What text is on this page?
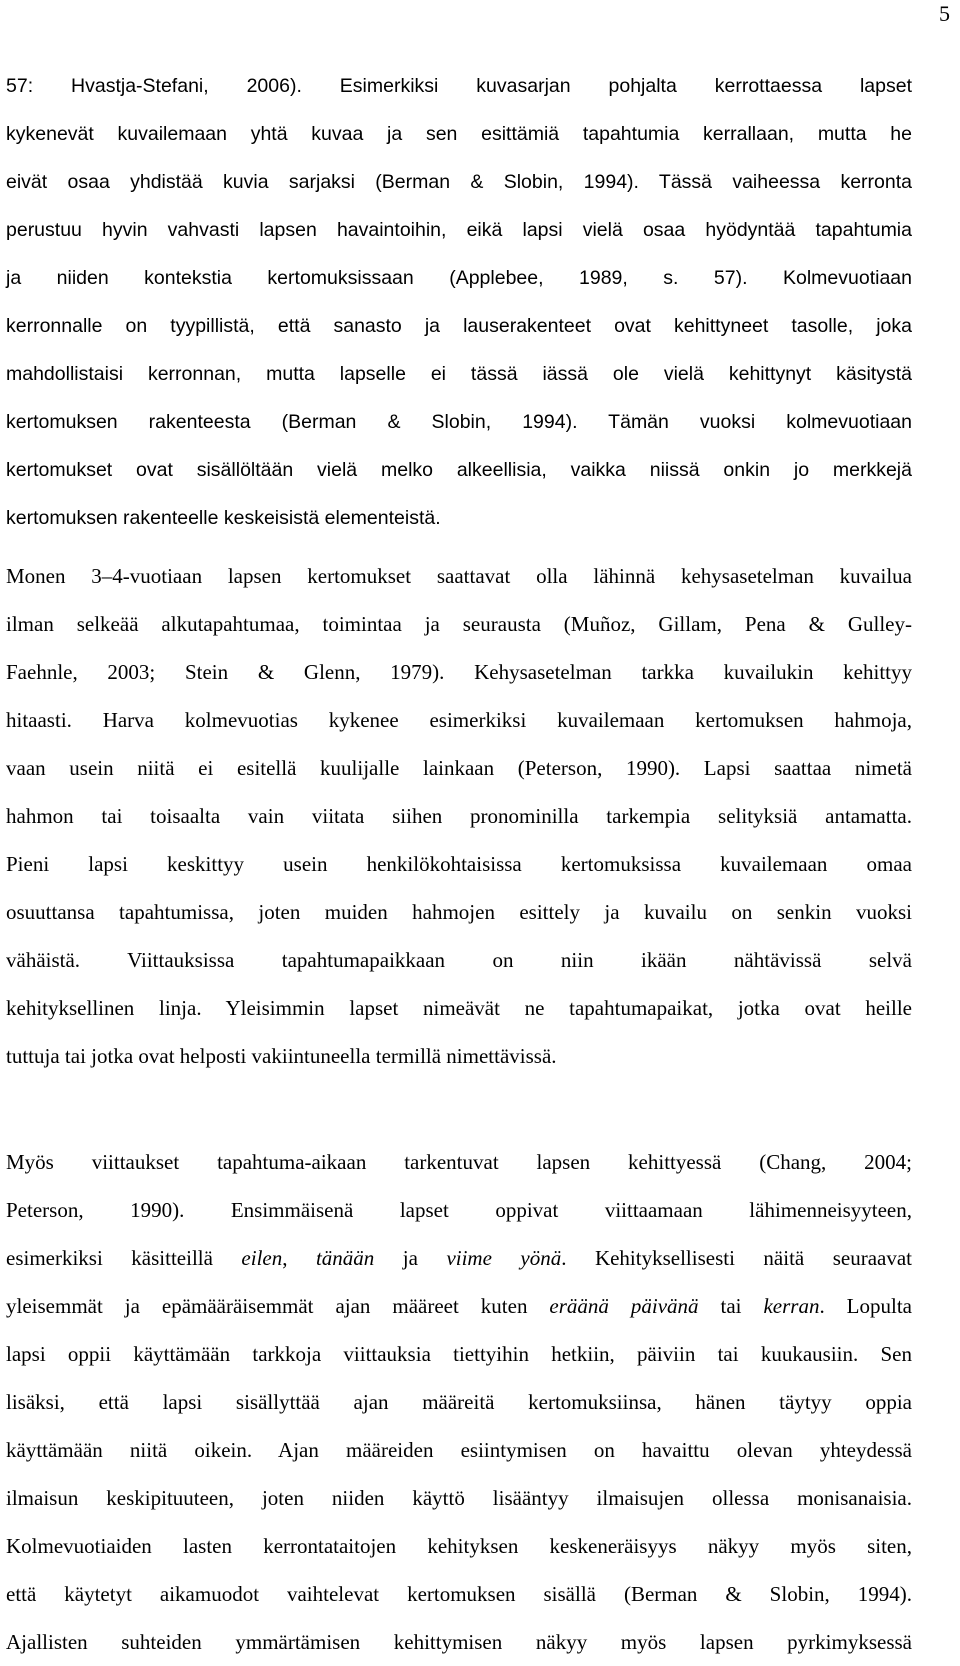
5
57: Hvastja-Stefani, 2006). Esimerkiksi kuvasarjan pohjalta kerrottaessa lapset
kykenevät kuvailemaan yhtä kuvaa ja sen esittämiä tapahtumia kerrallaan, mutta he
eivät osaa yhdistää kuvia sarjaksi (Berman & Slobin, 1994). Tässä vaiheessa kerronta
perustuu hyvin vahvasti lapsen havaintoihin, eikä lapsi vielä osaa hyödyntää tapahtumia
ja niiden kontekstia kertomuksissaan (Applebee, 1989, s. 57). Kolmevuotiaan
kerronnalle on tyypillistä, että sanasto ja lauserakenteet ovat kehittyneet tasolle, joka
mahdollistaisi kerronnan, mutta lapselle ei tässä iässä ole vielä kehittynyt käsitystä
kertomuksen rakenteesta (Berman & Slobin, 1994). Tämän vuoksi kolmevuotiaan
kertomukset ovat sisällöltään vielä melko alkeellisia, vaikka niissä onkin jo merkkejä
kertomuksen rakenteelle keskeisistä elementeistä.
Monen 3–4-vuotiaan lapsen kertomukset saattavat olla lähinnä kehysasetelman kuvailua
ilman selkeää alkutapahtumaa, toimintaa ja seurausta (Muñoz, Gillam, Pena & Gulley-
Faehnle, 2003; Stein & Glenn, 1979). Kehysasetelman tarkka kuvailukin kehittyy
hitaasti. Harva kolmevuotias kykenee esimerkiksi kuvailemaan kertomuksen hahmoja,
vaan usein niitä ei esitellä kuulijalle lainkaan (Peterson, 1990). Lapsi saattaa nimetä
hahmon tai toisaalta vain viitata siihen pronominilla tarkempia selityksiä antamatta.
Pieni lapsi keskittyy usein henkilökohtaisissa kertomuksissa kuvailemaan omaa
osuuttansa tapahtumissa, joten muiden hahmojen esittely ja kuvailu on senkin vuoksi
vähäistä. Viittauksissa tapahtumapaikkaan on niin ikään nähtävissä selvä
kehityksellinen linja. Yleisimmin lapset nimeävät ne tapahtumapaikat, jotka ovat heille
tuttuja tai jotka ovat helposti vakiintuneella termillä nimettävissä.
Myös viittaukset tapahtuma-aikaan tarkentuvat lapsen kehittyessä (Chang, 2004;
Peterson, 1990). Ensimmäisenä lapset oppivat viittaamaan lähimenneisyyteen,
esimerkiksi käsitteillä eilen, tänään ja viime yönä. Kehityksellisesti näitä seuraavat
yleisemmät ja epämääräisemmät ajan määreet kuten eräänä päivänä tai kerran. Lopulta
lapsi oppii käyttämään tarkkoja viittauksia tiettyihin hetkiin, päiviin tai kuukausiin. Sen
lisäksi, että lapsi sisällyttää ajan määreitä kertomuksiinsa, hänen täytyy oppia
käyttämään niitä oikein. Ajan määreiden esiintymisen on havaittu olevan yhteydessä
ilmaisun keskipituuteen, joten niiden käyttö lisääntyy ilmaisujen ollessa monisanaisia.
Kolmevuotiaiden lasten kerrontataitojen kehityksen keskeneräisyys näkyy myös siten,
että käytetyt aikamuodot vaihtelevat kertomuksen sisällä (Berman & Slobin, 1994).
Ajallisten suhteiden ymmärtämisen kehittymisen näkyy myös lapsen pyrkimyksessä
